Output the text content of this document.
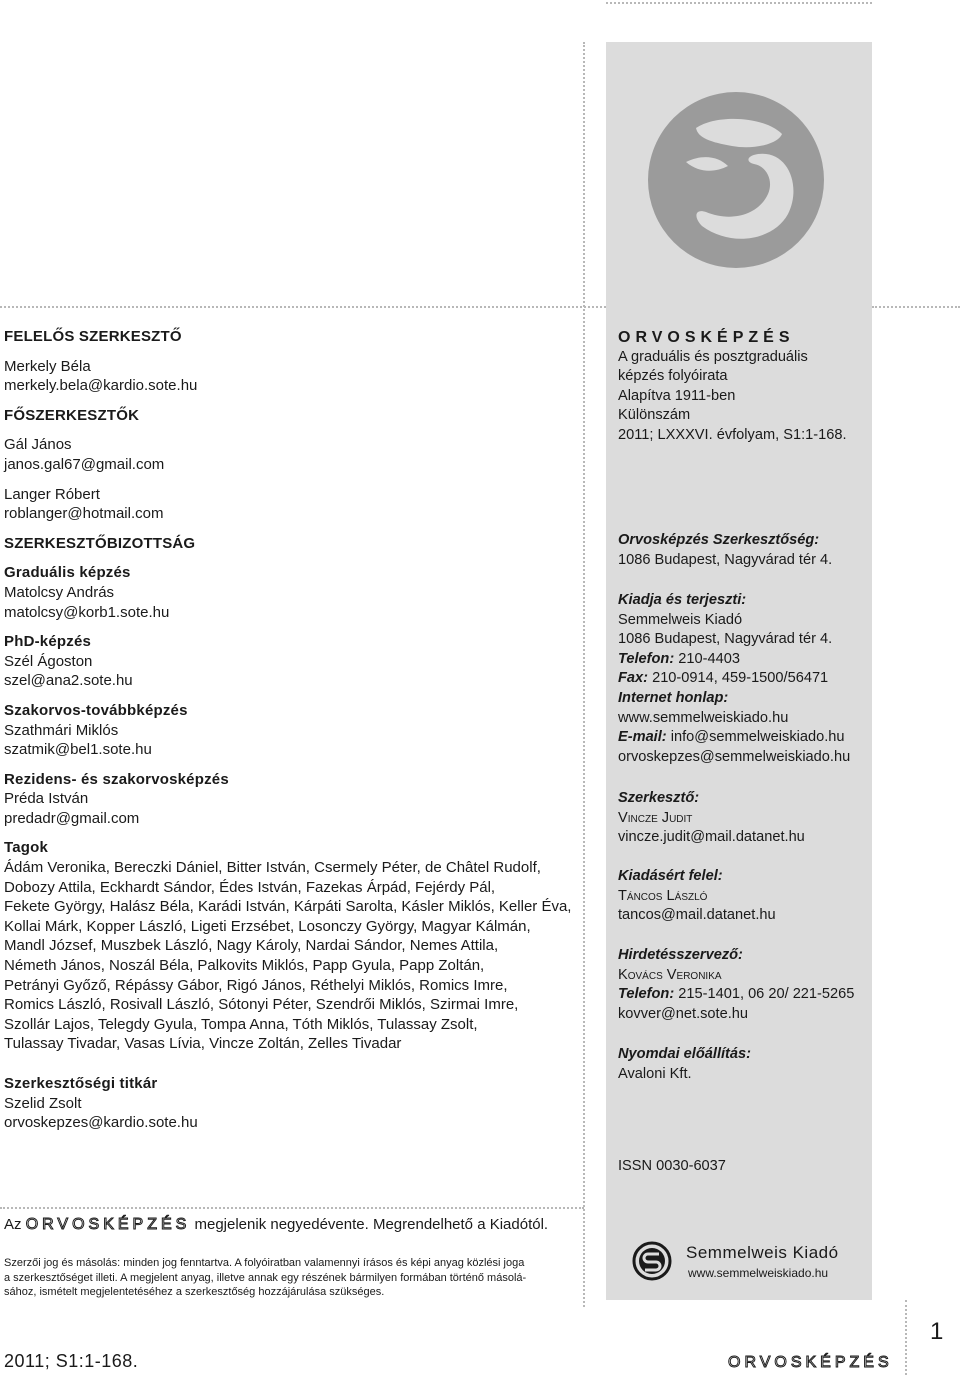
FELELŐS SZERKESZTŐ
Merkely Béla
merkely.bela@kardio.sote.hu
FŐSZERKESZTŐK
Gál János
janos.gal67@gmail.com
Langer Róbert
roblanger@hotmail.com
SZERKESZTŐBIZOTTSÁG
Graduális képzés
Matolcsy András
matolcsy@korb1.sote.hu
PhD-képzés
Szél Ágoston
szel@ana2.sote.hu
Szakorvos-továbbképzés
Szathmári Miklós
szatmik@bel1.sote.hu
Rezidens- és szakorvosképzés
Préda István
predadr@gmail.com
Tagok
Ádám Veronika, Bereczki Dániel, Bitter István, Csermely Péter, de Châtel Rudolf,
Dobozy Attila, Eckhardt Sándor, Édes István, Fazekas Árpád, Fejérdy Pál,
Fekete György, Halász Béla, Karádi István, Kárpáti Sarolta, Kásler Miklós, Keller Éva,
Kollai Márk, Kopper László, Ligeti Erzsébet, Losonczy György, Magyar Kálmán,
Mandl József, Muszbek László, Nagy Károly, Nardai Sándor, Nemes Attila,
Németh János, Noszál Béla, Palkovits Miklós, Papp Gyula, Papp Zoltán,
Petrányi Győző, Répássy Gábor, Rigó János, Réthelyi Miklós, Romics Imre,
Romics László, Rosivall László, Sótonyi Péter, Szendrői Miklós, Szirmai Imre,
Szollár Lajos, Telegdy Gyula, Tompa Anna, Tóth Miklós, Tulassay Zsolt,
Tulassay Tivadar, Vasas Lívia, Vincze Zoltán, Zelles Tivadar
Szerkesztőségi titkár
Szelid Zsolt
orvoskepzes@kardio.sote.hu
Az ORVOSKÉPZÉS megjelenik negyedévente. Megrendelhető a Kiadótól.
Szerzői jog és másolás: minden jog fenntartva. A folyóiratban valamennyi írásos és képi anyag közlési joga
a szerkesztőséget illeti. A megjelent anyag, illetve annak egy részének bármilyen formában történő másolá-
sához, ismételt megjelentetéséhez a szerkesztőség hozzájárulása szükséges.
ORVOSKÉPZÉS
A graduális és posztgraduális
képzés folyóirata
Alapítva 1911-ben
Különszám
2011; LXXXVI. évfolyam, S1:1-168.
Orvosképzés Szerkesztőség:
1086 Budapest, Nagyvárad tér 4.
Kiadja és terjeszti:
Semmelweis Kiadó
1086 Budapest, Nagyvárad tér 4.
Telefon: 210-4403
Fax: 210-0914, 459-1500/56471
Internet honlap:
www.semmelweiskiado.hu
E-mail: info@semmelweiskiado.hu
orvoskepzes@semmelweiskiado.hu
Szerkesztő:
Vincze Judit
vincze.judit@mail.datanet.hu
Kiadásért felel:
Táncos László
tancos@mail.datanet.hu
Hirdetésszervező:
Kovács Veronika
Telefon: 215-1401, 06 20/ 221-5265
kovver@net.sote.hu
Nyomdai előállítás:
Avaloni Kft.
ISSN 0030-6037
Semmelweis Kiadó
www.semmelweiskiado.hu
2011; S1:1-168.
1
ORVOSKÉPZÉS
